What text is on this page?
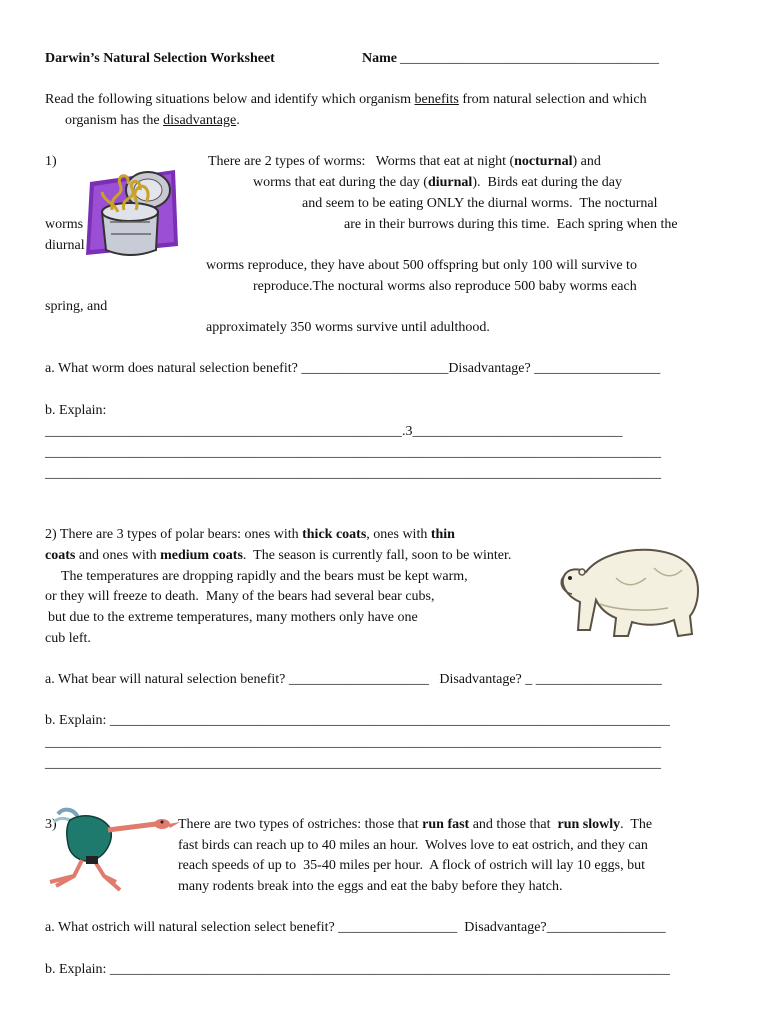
Darwin’s Natural Selection Worksheet	Name _____________________________________
Read the following situations below and identify which organism benefits from natural selection and which
organism has the disadvantage.
1)	There are 2 types of worms:   Worms that eat at night (nocturnal) and
worms that eat during the day (diurnal).  Birds eat during the day
and seem to be eating ONLY the diurnal worms.  The nocturnal
worms	are in their burrows during this time.  Each spring when the
diurnal
worms reproduce, they have about 500 offspring but only 100 will survive to
reproduce.The noctural worms also reproduce 500 baby worms each
spring, and
approximately 350 worms survive until adulthood.
a. What worm does natural selection benefit? _____________________Disadvantage? __________________
b. Explain:
___________________________________________________.3______________________________
________________________________________________________________________________________
________________________________________________________________________________________
2) There are 3 types of polar bears: ones with thick coats, ones with thin
coats and ones with medium coats.  The season is currently fall, soon to be winter.
The temperatures are dropping rapidly and the bears must be kept warm,
or they will freeze to death.  Many of the bears had several bear cubs,
but due to the extreme temperatures, many mothers only have one
cub left.
a. What bear will natural selection benefit? ____________________   Disadvantage? _ __________________
b. Explain: ________________________________________________________________________________
________________________________________________________________________________________
________________________________________________________________________________________
3)	There are two types of ostriches: those that run fast and those that  run slowly.  The
fast birds can reach up to 40 miles an hour.  Wolves love to eat ostrich, and they can
reach speeds of up to  35-40 miles per hour.  A flock of ostrich will lay 10 eggs, but
many rodents break into the eggs and eat the baby before they hatch.
a. What ostrich will natural selection select benefit? _________________  Disadvantage?_________________
b. Explain: ________________________________________________________________________________
